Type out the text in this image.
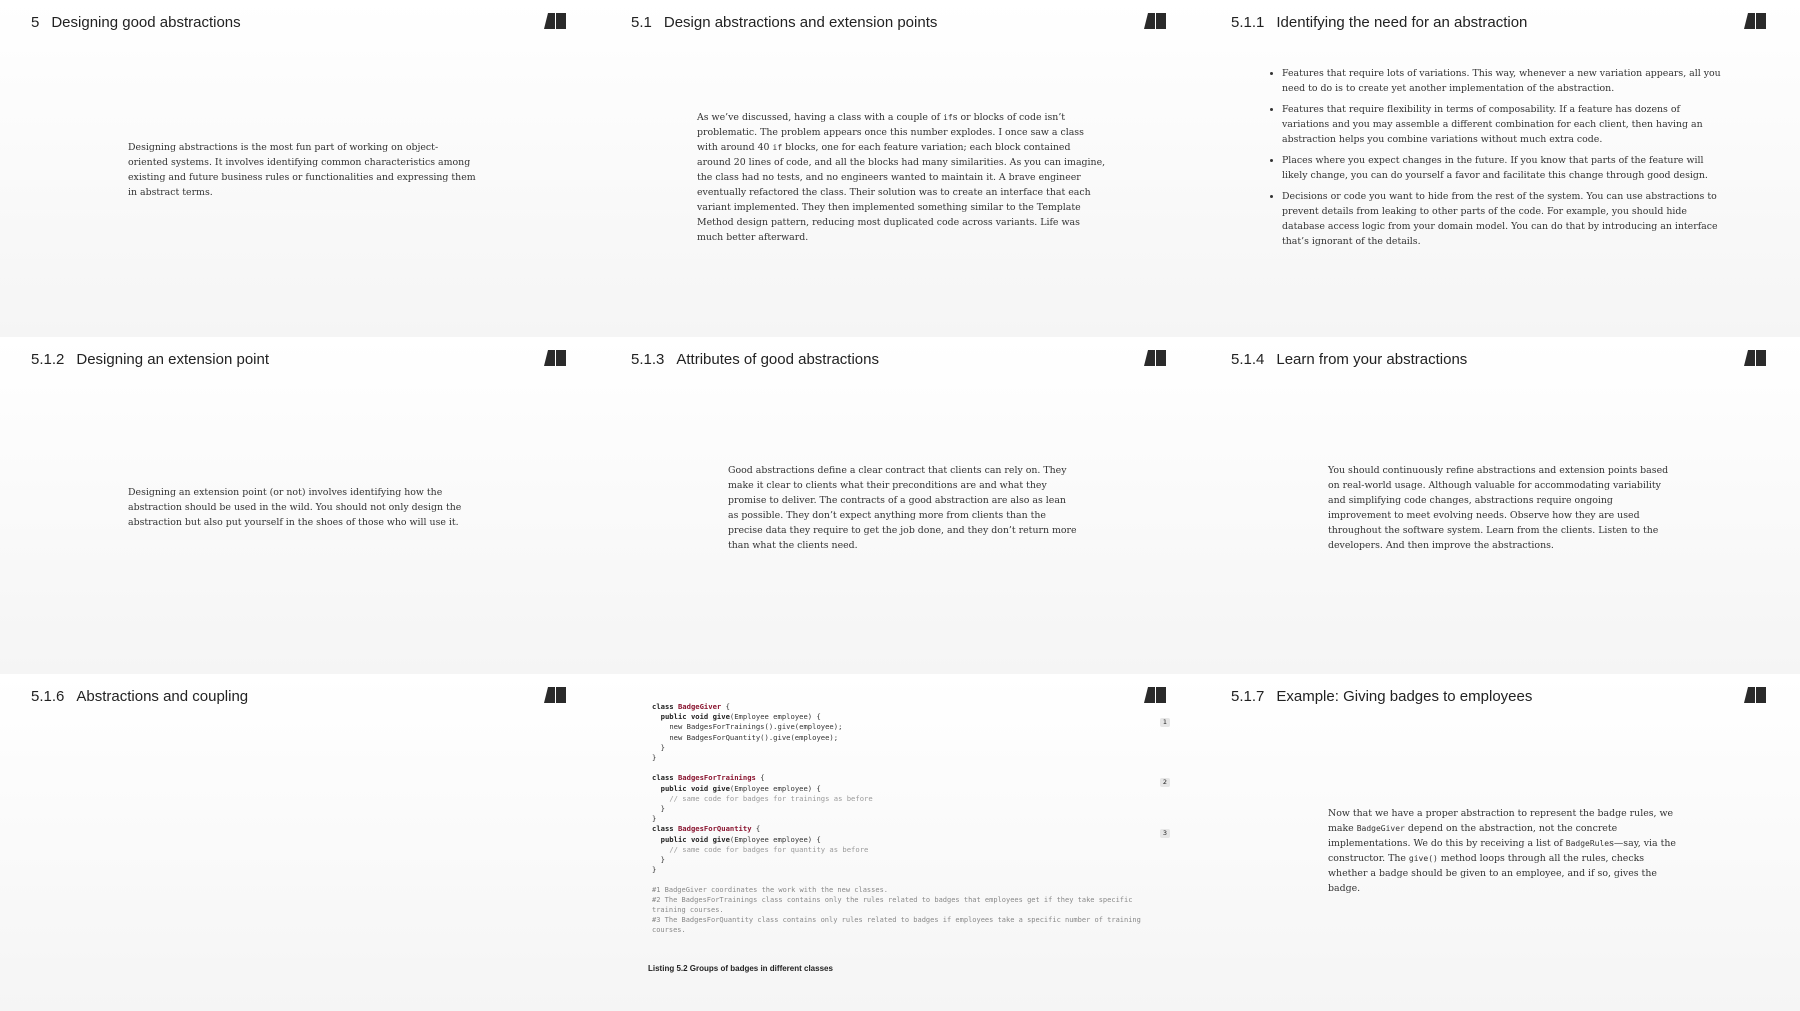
5 Designing good abstractions
Designing abstractions is the most fun part of working on object-oriented systems. It involves identifying common characteristics among existing and future business rules or functionalities and expressing them in abstract terms.
5.1 Design abstractions and extension points
As we’ve discussed, having a class with a couple of ifs or blocks of code isn’t problematic. The problem appears once this number explodes. I once saw a class with around 40 if blocks, one for each feature variation; each block contained around 20 lines of code, and all the blocks had many similarities. As you can imagine, the class had no tests, and no engineers wanted to maintain it. A brave engineer eventually refactored the class. Their solution was to create an interface that each variant implemented. They then implemented something similar to the Template Method design pattern, reducing most duplicated code across variants. Life was much better afterward.
5.1.1 Identifying the need for an abstraction
• Features that require lots of variations. This way, whenever a new variation appears, all you need to do is to create yet another implementation of the abstraction.
• Features that require flexibility in terms of composability. If a feature has dozens of variations and you may assemble a different combination for each client, then having an abstraction helps you combine variations without much extra code.
• Places where you expect changes in the future. If you know that parts of the feature will likely change, you can do yourself a favor and facilitate this change through good design.
• Decisions or code you want to hide from the rest of the system. You can use abstractions to prevent details from leaking to other parts of the code. For example, you should hide database access logic from your domain model. You can do that by introducing an interface that’s ignorant of the details.
5.1.2 Designing an extension point
Designing an extension point (or not) involves identifying how the abstraction should be used in the wild. You should not only design the abstraction but also put yourself in the shoes of those who will use it.
5.1.3 Attributes of good abstractions
Good abstractions define a clear contract that clients can rely on. They make it clear to clients what their preconditions are and what they promise to deliver. The contracts of a good abstraction are also as lean as possible. They don’t expect anything more from clients than the precise data they require to get the job done, and they don’t return more than what the clients need.
5.1.4 Learn from your abstractions
You should continuously refine abstractions and extension points based on real-world usage. Although valuable for accommodating variability and simplifying code changes, abstractions require ongoing improvement to meet evolving needs. Observe how they are used throughout the software system. Learn from the clients. Listen to the developers. And then improve the abstractions.
5.1.6 Abstractions and coupling
class BadgeGiver {
public void give(Employee employee) {
new BadgesForTrainings().give(employee);
new BadgesForQuantity().give(employee);
}
}

class BadgesForTrainings {
public void give(Employee employee) {
// same code for badges for trainings as before
}
}
class BadgesForQuantity {
public void give(Employee employee) {
// same code for badges for quantity as before
}
}
1
2
3
#1 BadgeGiver coordinates the work with the new classes.
#2 The BadgesForTrainings class contains only the rules related to badges that employees get if they take specific training courses.
#3 The BadgesForQuantity class contains only rules related to badges if employees take a specific number of training courses.
Listing 5.2 Groups of badges in different classes
5.1.7 Example: Giving badges to employees
Now that we have a proper abstraction to represent the badge rules, we make BadgeGiver depend on the abstraction, not the concrete implementations. We do this by receiving a list of BadgeRules—say, via the constructor. The give() method loops through all the rules, checks whether a badge should be given to an employee, and if so, gives the badge.
